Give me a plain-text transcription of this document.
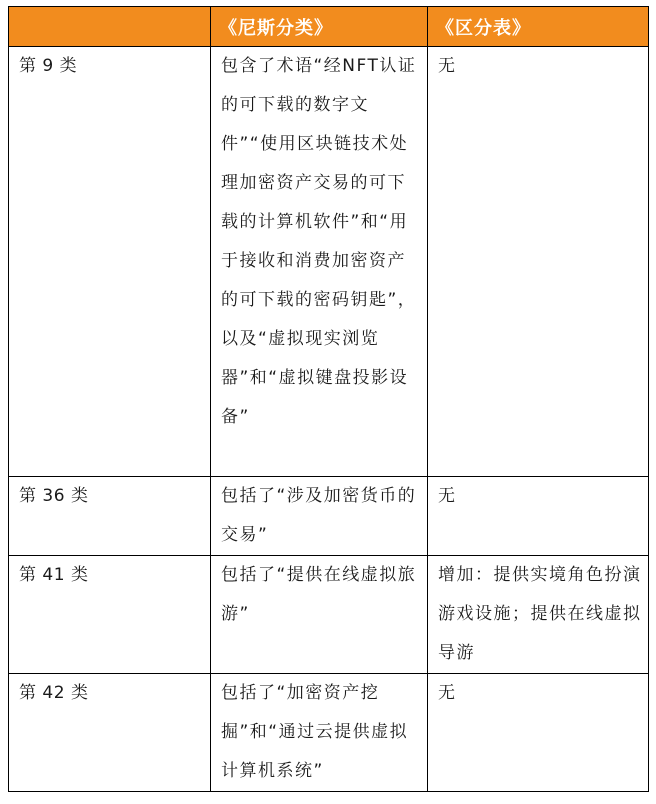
	《尼斯分类》	《区分表》
第 9 类	包含了术语“经NFT认证的可下载的数字文件”“使用区块链技术处理加密资产交易的可下载的计算机软件”和“用于接收和消费加密资产的可下载的密码钥匙”，以及“虚拟现实浏览器”和“虚拟键盘投影设备”	无
第 36 类	包括了“涉及加密货币的交易”	无
第 41 类	包括了“提供在线虚拟旅游”	增加：提供实境角色扮演游戏设施；提供在线虚拟导游
第 42 类	包括了“加密资产挖掘”和“通过云提供虚拟计算机系统”	无
